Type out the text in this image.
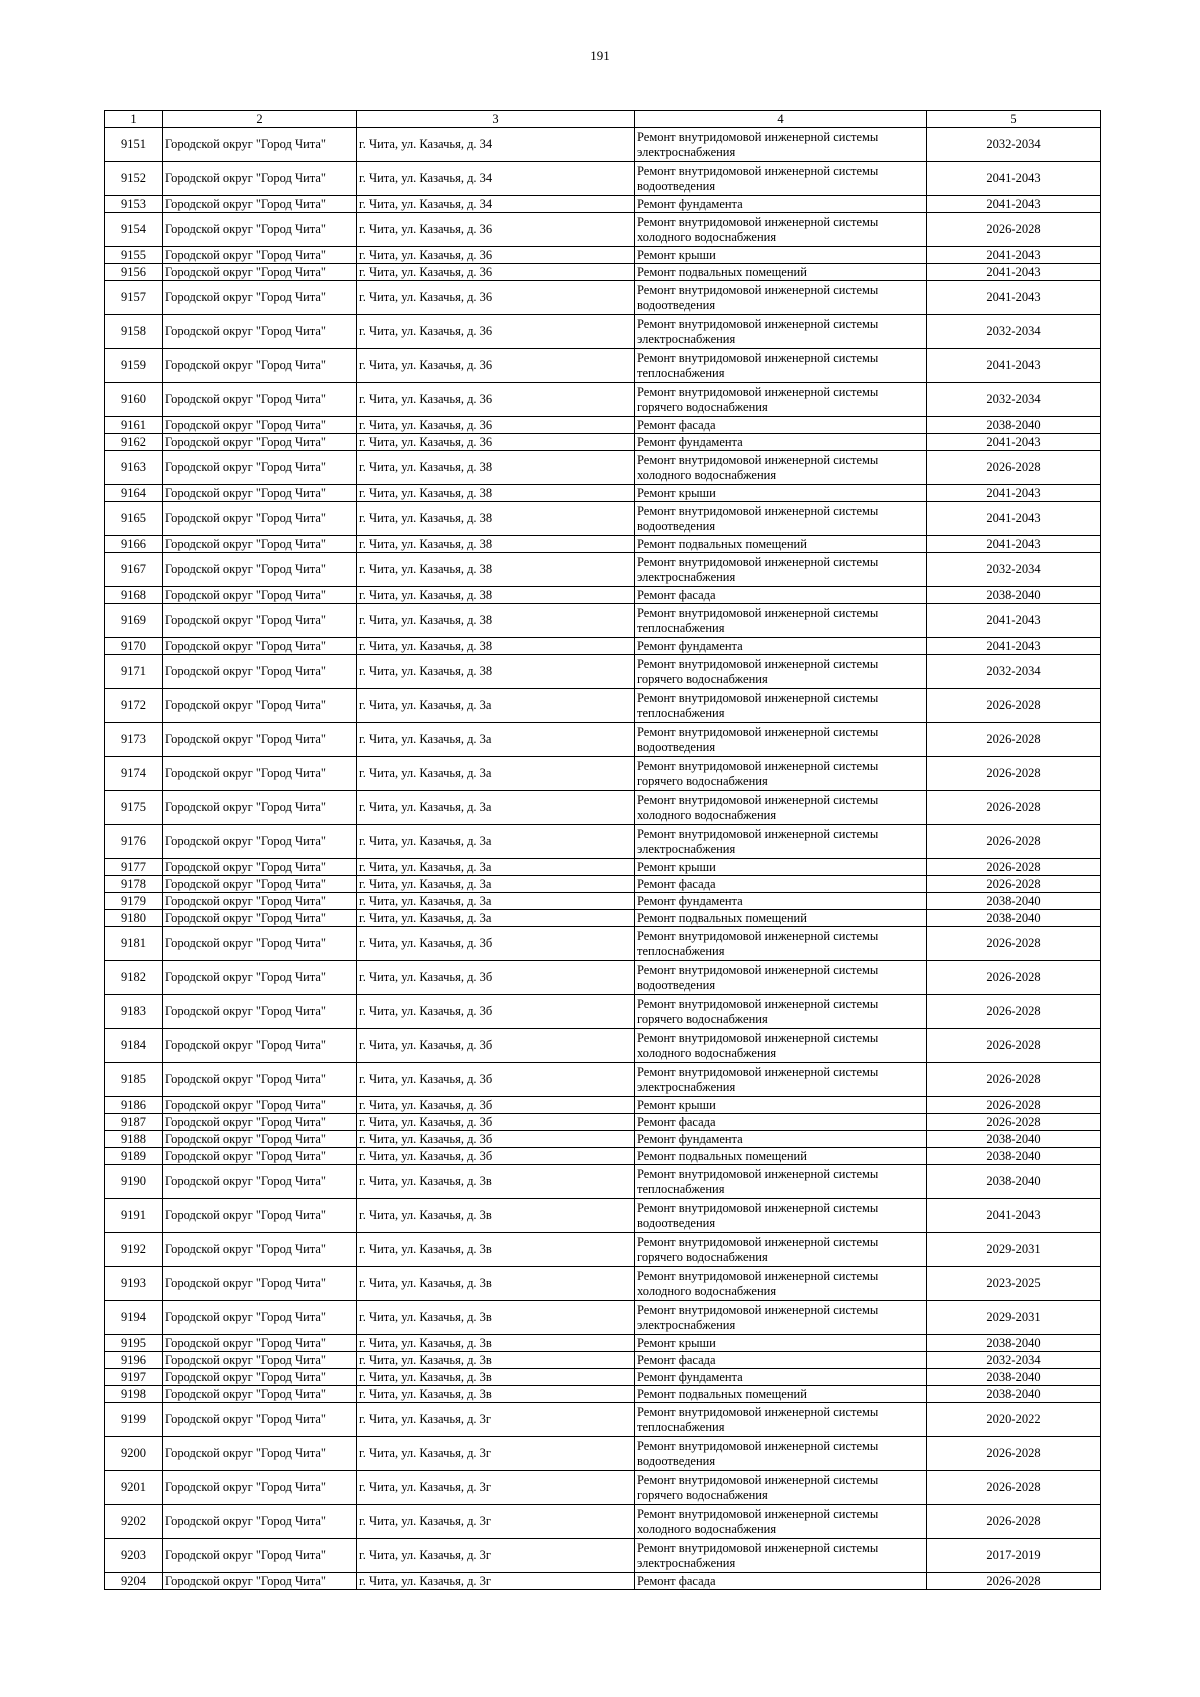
191
1	2	3	4	5
9151	Городской округ "Город Чита"	г. Чита, ул. Казачья, д. 34	Ремонт внутридомовой инженерной системы электроснабжения	2032-2034
9152	Городской округ "Город Чита"	г. Чита, ул. Казачья, д. 34	Ремонт внутридомовой инженерной системы водоотведения	2041-2043
9153	Городской округ "Город Чита"	г. Чита, ул. Казачья, д. 34	Ремонт фундамента	2041-2043
9154	Городской округ "Город Чита"	г. Чита, ул. Казачья, д. 36	Ремонт внутридомовой инженерной системы холодного водоснабжения	2026-2028
9155	Городской округ "Город Чита"	г. Чита, ул. Казачья, д. 36	Ремонт крыши	2041-2043
9156	Городской округ "Город Чита"	г. Чита, ул. Казачья, д. 36	Ремонт подвальных помещений	2041-2043
9157	Городской округ "Город Чита"	г. Чита, ул. Казачья, д. 36	Ремонт внутридомовой инженерной системы водоотведения	2041-2043
9158	Городской округ "Город Чита"	г. Чита, ул. Казачья, д. 36	Ремонт внутридомовой инженерной системы электроснабжения	2032-2034
9159	Городской округ "Город Чита"	г. Чита, ул. Казачья, д. 36	Ремонт внутридомовой инженерной системы теплоснабжения	2041-2043
9160	Городской округ "Город Чита"	г. Чита, ул. Казачья, д. 36	Ремонт внутридомовой инженерной системы горячего водоснабжения	2032-2034
9161	Городской округ "Город Чита"	г. Чита, ул. Казачья, д. 36	Ремонт фасада	2038-2040
9162	Городской округ "Город Чита"	г. Чита, ул. Казачья, д. 36	Ремонт фундамента	2041-2043
9163	Городской округ "Город Чита"	г. Чита, ул. Казачья, д. 38	Ремонт внутридомовой инженерной системы холодного водоснабжения	2026-2028
9164	Городской округ "Город Чита"	г. Чита, ул. Казачья, д. 38	Ремонт крыши	2041-2043
9165	Городской округ "Город Чита"	г. Чита, ул. Казачья, д. 38	Ремонт внутридомовой инженерной системы водоотведения	2041-2043
9166	Городской округ "Город Чита"	г. Чита, ул. Казачья, д. 38	Ремонт подвальных помещений	2041-2043
9167	Городской округ "Город Чита"	г. Чита, ул. Казачья, д. 38	Ремонт внутридомовой инженерной системы электроснабжения	2032-2034
9168	Городской округ "Город Чита"	г. Чита, ул. Казачья, д. 38	Ремонт фасада	2038-2040
9169	Городской округ "Город Чита"	г. Чита, ул. Казачья, д. 38	Ремонт внутридомовой инженерной системы теплоснабжения	2041-2043
9170	Городской округ "Город Чита"	г. Чита, ул. Казачья, д. 38	Ремонт фундамента	2041-2043
9171	Городской округ "Город Чита"	г. Чита, ул. Казачья, д. 38	Ремонт внутридомовой инженерной системы горячего водоснабжения	2032-2034
9172	Городской округ "Город Чита"	г. Чита, ул. Казачья, д. 3а	Ремонт внутридомовой инженерной системы теплоснабжения	2026-2028
9173	Городской округ "Город Чита"	г. Чита, ул. Казачья, д. 3а	Ремонт внутридомовой инженерной системы водоотведения	2026-2028
9174	Городской округ "Город Чита"	г. Чита, ул. Казачья, д. 3а	Ремонт внутридомовой инженерной системы горячего водоснабжения	2026-2028
9175	Городской округ "Город Чита"	г. Чита, ул. Казачья, д. 3а	Ремонт внутридомовой инженерной системы холодного водоснабжения	2026-2028
9176	Городской округ "Город Чита"	г. Чита, ул. Казачья, д. 3а	Ремонт внутридомовой инженерной системы электроснабжения	2026-2028
9177	Городской округ "Город Чита"	г. Чита, ул. Казачья, д. 3а	Ремонт крыши	2026-2028
9178	Городской округ "Город Чита"	г. Чита, ул. Казачья, д. 3а	Ремонт фасада	2026-2028
9179	Городской округ "Город Чита"	г. Чита, ул. Казачья, д. 3а	Ремонт фундамента	2038-2040
9180	Городской округ "Город Чита"	г. Чита, ул. Казачья, д. 3а	Ремонт подвальных помещений	2038-2040
9181	Городской округ "Город Чита"	г. Чита, ул. Казачья, д. 3б	Ремонт внутридомовой инженерной системы теплоснабжения	2026-2028
9182	Городской округ "Город Чита"	г. Чита, ул. Казачья, д. 3б	Ремонт внутридомовой инженерной системы водоотведения	2026-2028
9183	Городской округ "Город Чита"	г. Чита, ул. Казачья, д. 3б	Ремонт внутридомовой инженерной системы горячего водоснабжения	2026-2028
9184	Городской округ "Город Чита"	г. Чита, ул. Казачья, д. 3б	Ремонт внутридомовой инженерной системы холодного водоснабжения	2026-2028
9185	Городской округ "Город Чита"	г. Чита, ул. Казачья, д. 3б	Ремонт внутридомовой инженерной системы электроснабжения	2026-2028
9186	Городской округ "Город Чита"	г. Чита, ул. Казачья, д. 3б	Ремонт крыши	2026-2028
9187	Городской округ "Город Чита"	г. Чита, ул. Казачья, д. 3б	Ремонт фасада	2026-2028
9188	Городской округ "Город Чита"	г. Чита, ул. Казачья, д. 3б	Ремонт фундамента	2038-2040
9189	Городской округ "Город Чита"	г. Чита, ул. Казачья, д. 3б	Ремонт подвальных помещений	2038-2040
9190	Городской округ "Город Чита"	г. Чита, ул. Казачья, д. 3в	Ремонт внутридомовой инженерной системы теплоснабжения	2038-2040
9191	Городской округ "Город Чита"	г. Чита, ул. Казачья, д. 3в	Ремонт внутридомовой инженерной системы водоотведения	2041-2043
9192	Городской округ "Город Чита"	г. Чита, ул. Казачья, д. 3в	Ремонт внутридомовой инженерной системы горячего водоснабжения	2029-2031
9193	Городской округ "Город Чита"	г. Чита, ул. Казачья, д. 3в	Ремонт внутридомовой инженерной системы холодного водоснабжения	2023-2025
9194	Городской округ "Город Чита"	г. Чита, ул. Казачья, д. 3в	Ремонт внутридомовой инженерной системы электроснабжения	2029-2031
9195	Городской округ "Город Чита"	г. Чита, ул. Казачья, д. 3в	Ремонт крыши	2038-2040
9196	Городской округ "Город Чита"	г. Чита, ул. Казачья, д. 3в	Ремонт фасада	2032-2034
9197	Городской округ "Город Чита"	г. Чита, ул. Казачья, д. 3в	Ремонт фундамента	2038-2040
9198	Городской округ "Город Чита"	г. Чита, ул. Казачья, д. 3в	Ремонт подвальных помещений	2038-2040
9199	Городской округ "Город Чита"	г. Чита, ул. Казачья, д. 3г	Ремонт внутридомовой инженерной системы теплоснабжения	2020-2022
9200	Городской округ "Город Чита"	г. Чита, ул. Казачья, д. 3г	Ремонт внутридомовой инженерной системы водоотведения	2026-2028
9201	Городской округ "Город Чита"	г. Чита, ул. Казачья, д. 3г	Ремонт внутридомовой инженерной системы горячего водоснабжения	2026-2028
9202	Городской округ "Город Чита"	г. Чита, ул. Казачья, д. 3г	Ремонт внутридомовой инженерной системы холодного водоснабжения	2026-2028
9203	Городской округ "Город Чита"	г. Чита, ул. Казачья, д. 3г	Ремонт внутридомовой инженерной системы электроснабжения	2017-2019
9204	Городской округ "Город Чита"	г. Чита, ул. Казачья, д. 3г	Ремонт фасада	2026-2028
